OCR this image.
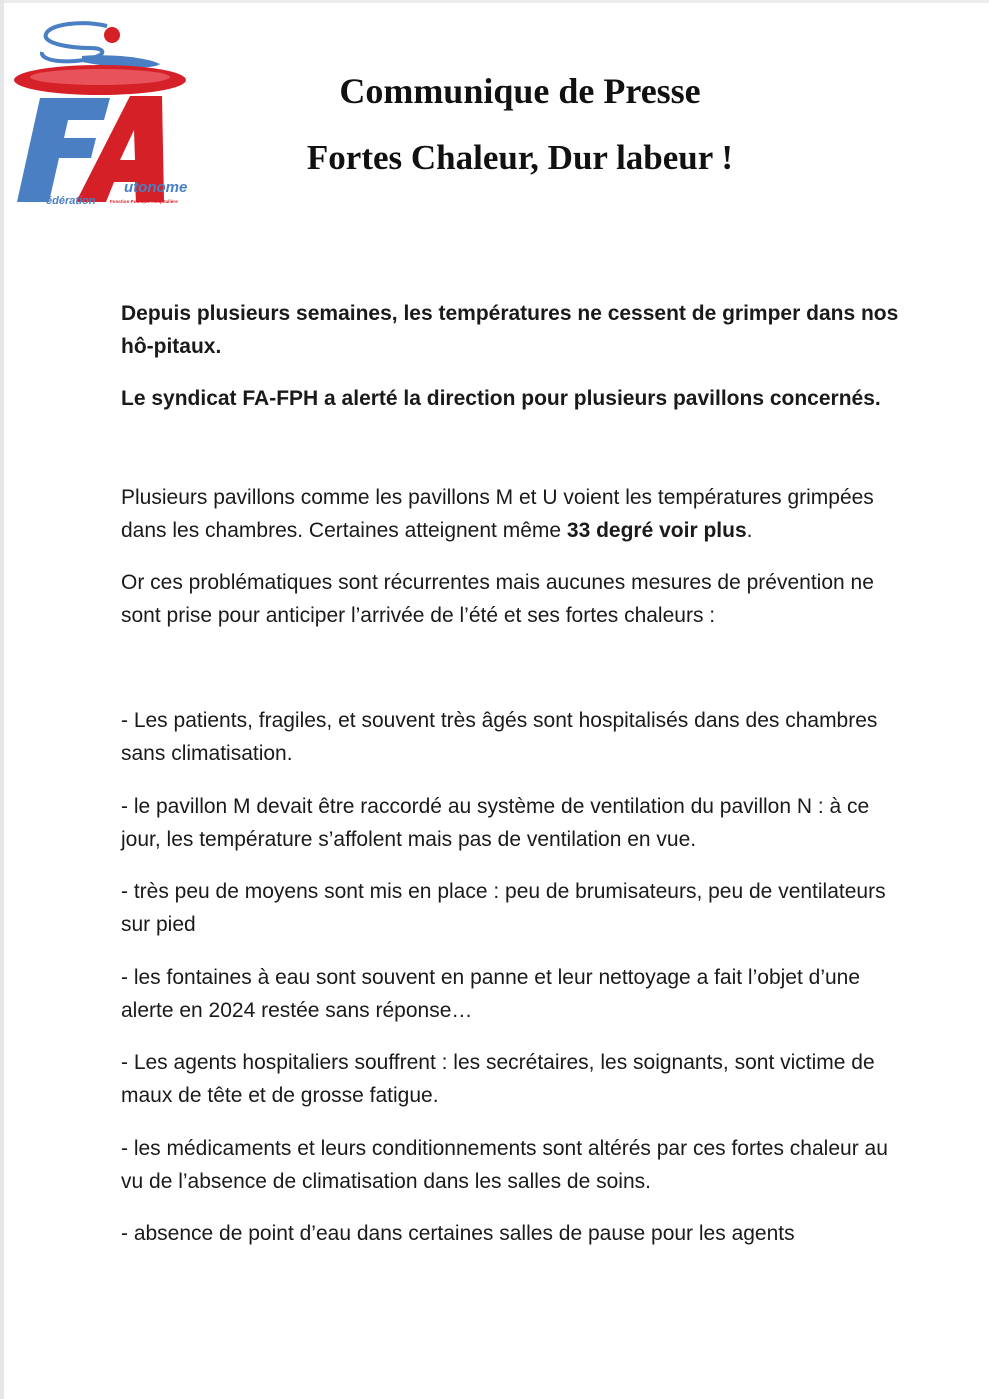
utonome
édération	Fonction Publique Hospitalière
Communique de Presse
Fortes Chaleur, Dur labeur !
Depuis plusieurs semaines, les températures ne cessent de grimper dans nos hô-pitaux.
Le syndicat FA-FPH a alerté la direction pour plusieurs pavillons concernés.
Plusieurs pavillons comme les pavillons M et U voient les températures grimpées dans les chambres. Certaines atteignent même 33 degré voir plus.
Or ces problématiques sont récurrentes mais aucunes mesures de prévention ne sont prise pour anticiper l’arrivée de l’été et ses fortes chaleurs :
- Les patients, fragiles, et souvent très âgés sont hospitalisés dans des chambres sans climatisation.
- le pavillon M devait être raccordé au système de ventilation du pavillon N : à ce jour, les température s’affolent mais pas de ventilation en vue.
- très peu de moyens sont mis en place : peu de brumisateurs, peu de ventilateurs sur pied
- les fontaines à eau sont souvent en panne et leur nettoyage a fait l’objet d’une alerte en 2024 restée sans réponse…
- Les agents hospitaliers souffrent : les secrétaires, les soignants, sont victime de maux de tête et de grosse fatigue.
- les médicaments et leurs conditionnements sont altérés par ces fortes chaleur au vu de l’absence de climatisation dans les salles de soins.
- absence de point d’eau dans certaines salles de pause pour les agents
